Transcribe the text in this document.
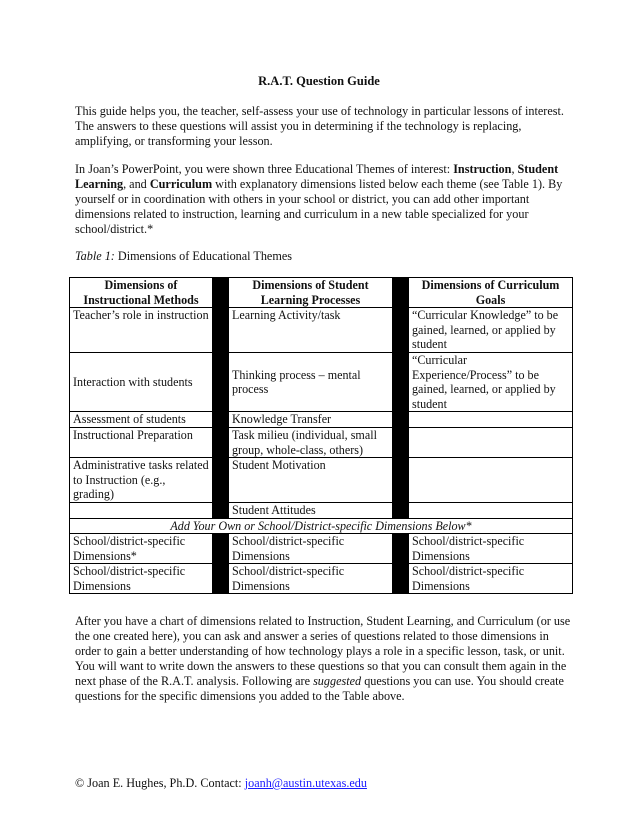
R.A.T. Question Guide
This guide helps you, the teacher, self-assess your use of technology in particular lessons of interest. The answers to these questions will assist you in determining if the technology is replacing, amplifying, or transforming your lesson.
In Joan’s PowerPoint, you were shown three Educational Themes of interest: Instruction, Student Learning, and Curriculum with explanatory dimensions listed below each theme (see Table 1). By yourself or in coordination with others in your school or district, you can add other important dimensions related to instruction, learning and curriculum in a new table specialized for your school/district.*
Table 1: Dimensions of Educational Themes
Dimensions of Instructional Methods		Dimensions of Student Learning Processes		Dimensions of Curriculum Goals
Teacher’s role in instruction		Learning Activity/task		“Curricular Knowledge” to be gained, learned, or applied by student
Interaction with students		Thinking process – mental process		“Curricular Experience/Process” to be gained, learned, or applied by student
Assessment of students		Knowledge Transfer		
Instructional Preparation		Task milieu (individual, small group, whole-class, others)		
Administrative tasks related to Instruction (e.g., grading)		Student Motivation		
		Student Attitudes		
Add Your Own or School/District-specific Dimensions Below*				
School/district-specific Dimensions*		School/district-specific Dimensions		School/district-specific Dimensions
School/district-specific Dimensions		School/district-specific Dimensions		School/district-specific Dimensions
After you have a chart of dimensions related to Instruction, Student Learning, and Curriculum (or use the one created here), you can ask and answer a series of questions related to those dimensions in order to gain a better understanding of how technology plays a role in a specific lesson, task, or unit. You will want to write down the answers to these questions so that you can consult them again in the next phase of the R.A.T. analysis. Following are suggested questions you can use. You should create questions for the specific dimensions you added to the Table above.
© Joan E. Hughes, Ph.D. Contact: joanh@austin.utexas.edu
